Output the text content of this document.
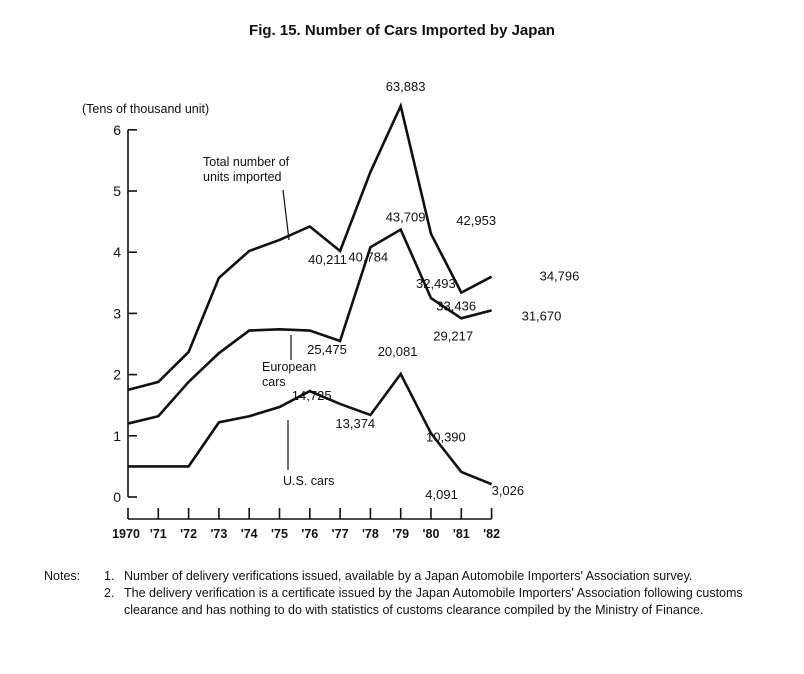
Fig. 15. Number of Cars Imported by Japan
0
1
2
3
4
5
6
(Tens of thousand unit)
1970 '71 '72 '73 '74 '75 '76 '77 '78 '79 '80 '81 '82
Total number of units imported
European cars
U.S. cars
63,883
43,709 42,953
40,211 40,784
34,796
33,436
32,493
31,670
29,217
25,475 20,081
14,725
13,374
10,390
4,091	3,026
Notes: 1. Number of delivery verifications issued, available by a Japan Automobile Importers' Association survey.
2. The delivery verification is a certificate issued by the Japan Automobile Importers' Association following customs clearance and has nothing to do with statistics of customs clearance compiled by the Ministry of Finance.
